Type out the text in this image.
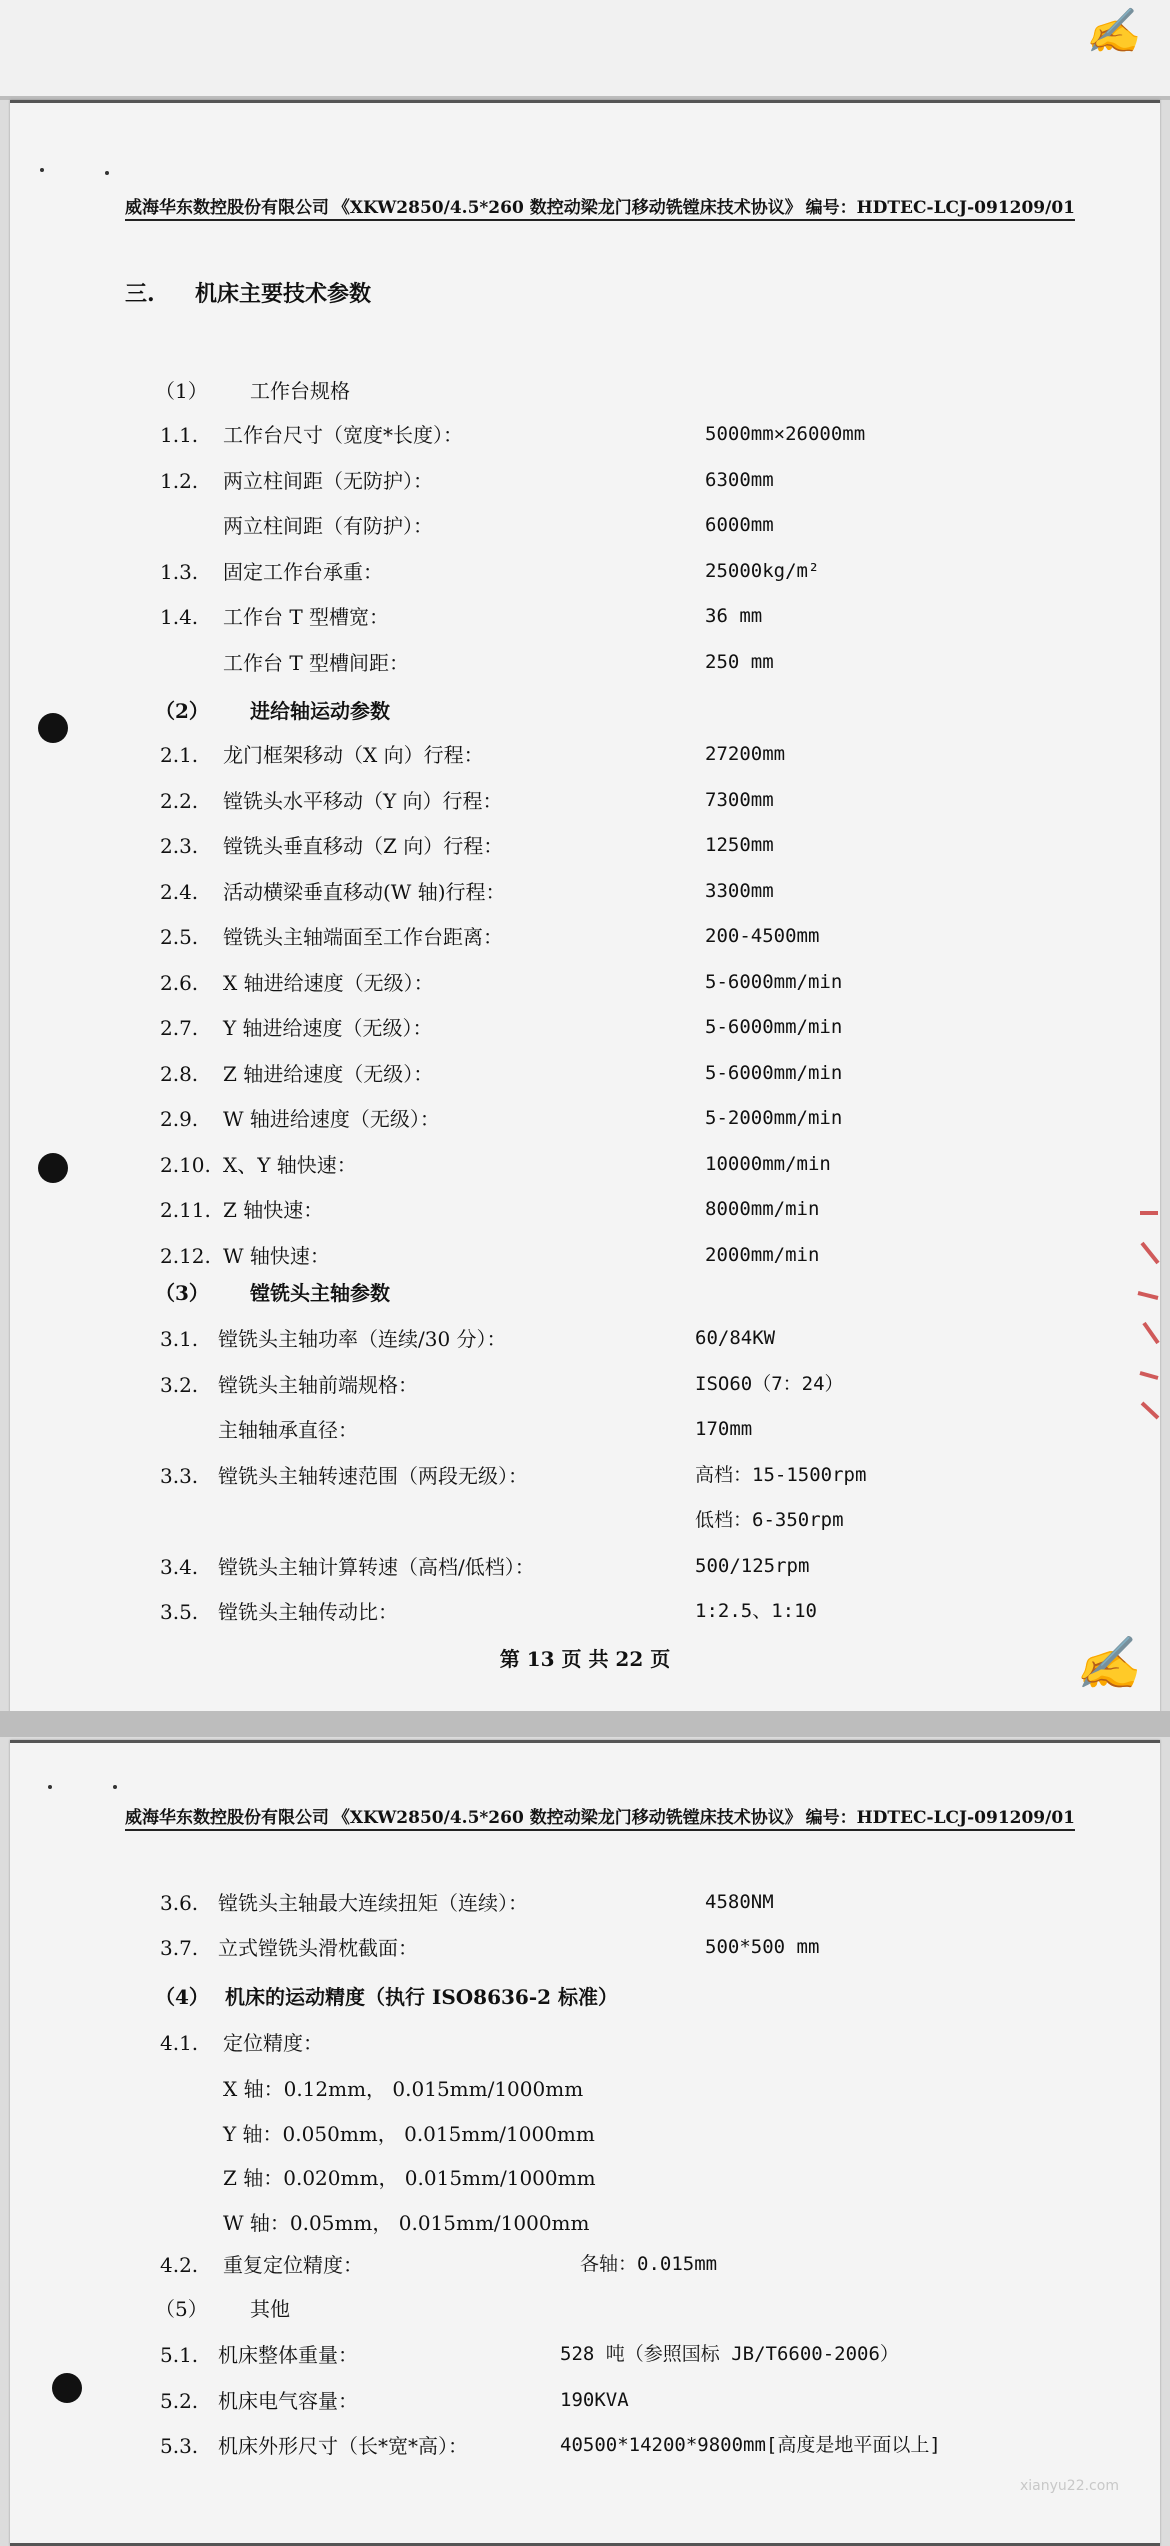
✍
威海华东数控股份有限公司 《XKW2850/4.5*260 数控动梁龙门移动铣镗床技术协议》 编号：HDTEC-LCJ-091209/01
三. 机床主要技术参数
（1） 工作台规格
1.1. 工作台尺寸（宽度*长度）：	5000mm×26000mm
1.2. 两立柱间距（无防护）：	6300mm
两立柱间距（有防护）：	6000mm
1.3. 固定工作台承重：	25000kg/m²
1.4. 工作台 T 型槽宽：	36 mm
工作台 T 型槽间距：	250 mm
（2） 进给轴运动参数
2.1. 龙门框架移动（X 向）行程：	27200mm
2.2. 镗铣头水平移动（Y 向）行程：	7300mm
2.3. 镗铣头垂直移动（Z 向）行程：	1250mm
2.4. 活动横梁垂直移动(W 轴)行程：	3300mm
2.5. 镗铣头主轴端面至工作台距离：	200-4500mm
2.6. X 轴进给速度（无级）：	5-6000mm/min
2.7. Y 轴进给速度（无级）：	5-6000mm/min
2.8. Z 轴进给速度（无级）：	5-6000mm/min
2.9. W 轴进给速度（无级）：	5-2000mm/min
2.10. X、Y 轴快速：	10000mm/min
2.11. Z 轴快速：	8000mm/min
2.12. W 轴快速：	2000mm/min
（3） 镗铣头主轴参数
3.1. 镗铣头主轴功率（连续/30 分）：	60/84KW
3.2. 镗铣头主轴前端规格：	ISO60（7：24）
主轴轴承直径：	170mm
3.3. 镗铣头主轴转速范围（两段无级）：	高档：15-1500rpm
低档：6-350rpm
3.4. 镗铣头主轴计算转速（高档/低档）：	500/125rpm
3.5. 镗铣头主轴传动比：	1:2.5、1:10
第 13 页 共 22 页	✍
威海华东数控股份有限公司 《XKW2850/4.5*260 数控动梁龙门移动铣镗床技术协议》 编号：HDTEC-LCJ-091209/01
3.6. 镗铣头主轴最大连续扭矩（连续）：	4580NM
3.7. 立式镗铣头滑枕截面：	500*500 mm
（4） 机床的运动精度（执行 ISO8636-2 标准）
4.1. 定位精度：
X 轴：0.12mm， 0.015mm/1000mm
Y 轴：0.050mm， 0.015mm/1000mm
Z 轴：0.020mm， 0.015mm/1000mm
W 轴：0.05mm， 0.015mm/1000mm
4.2. 重复定位精度：	各轴：0.015mm
（5） 其他
5.1. 机床整体重量：	528 吨（参照国标 JB/T6600-2006）
5.2. 机床电气容量：	190KVA
5.3. 机床外形尺寸（长*宽*高）：	40500*14200*9800mm[高度是地平面以上]
xianyu22.com
